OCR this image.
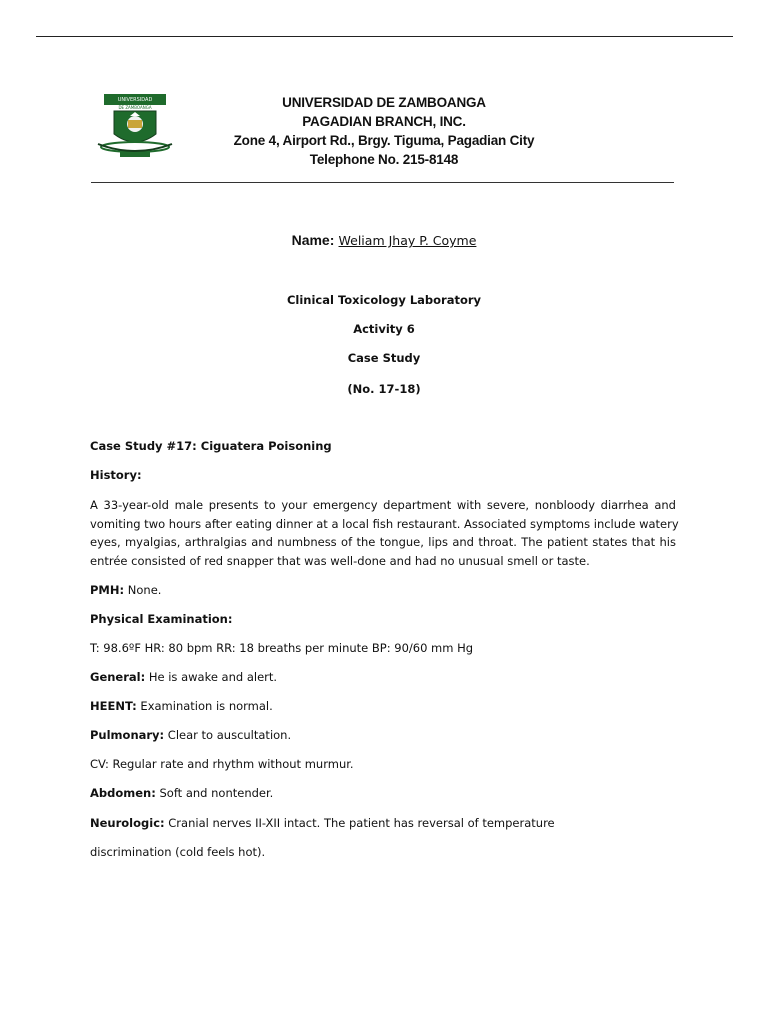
UNIVERSIDAD
DE ZAMBOANGA	UNIVERSIDAD DE ZAMBOANGA
PAGADIAN BRANCH, INC.
Zone 4, Airport Rd., Brgy. Tiguma, Pagadian City
Telephone No. 215-8148
Name: Weliam Jhay P. Coyme
Clinical Toxicology Laboratory
Activity 6
Case Study
(No. 17-18)
Case Study #17: Ciguatera Poisoning
History:
A 33-year-old male presents to your emergency department with severe, nonbloody diarrhea and
vomiting two hours after eating dinner at a local fish restaurant. Associated symptoms include watery
eyes, myalgias, arthralgias and numbness of the tongue, lips and throat. The patient states that his
entrée consisted of red snapper that was well-done and had no unusual smell or taste.
PMH: None.
Physical Examination:
T: 98.6ºF HR: 80 bpm RR: 18 breaths per minute BP: 90/60 mm Hg
General: He is awake and alert.
HEENT: Examination is normal.
Pulmonary: Clear to auscultation.
CV: Regular rate and rhythm without murmur.
Abdomen: Soft and nontender.
Neurologic: Cranial nerves II-XII intact. The patient has reversal of temperature
discrimination (cold feels hot).
